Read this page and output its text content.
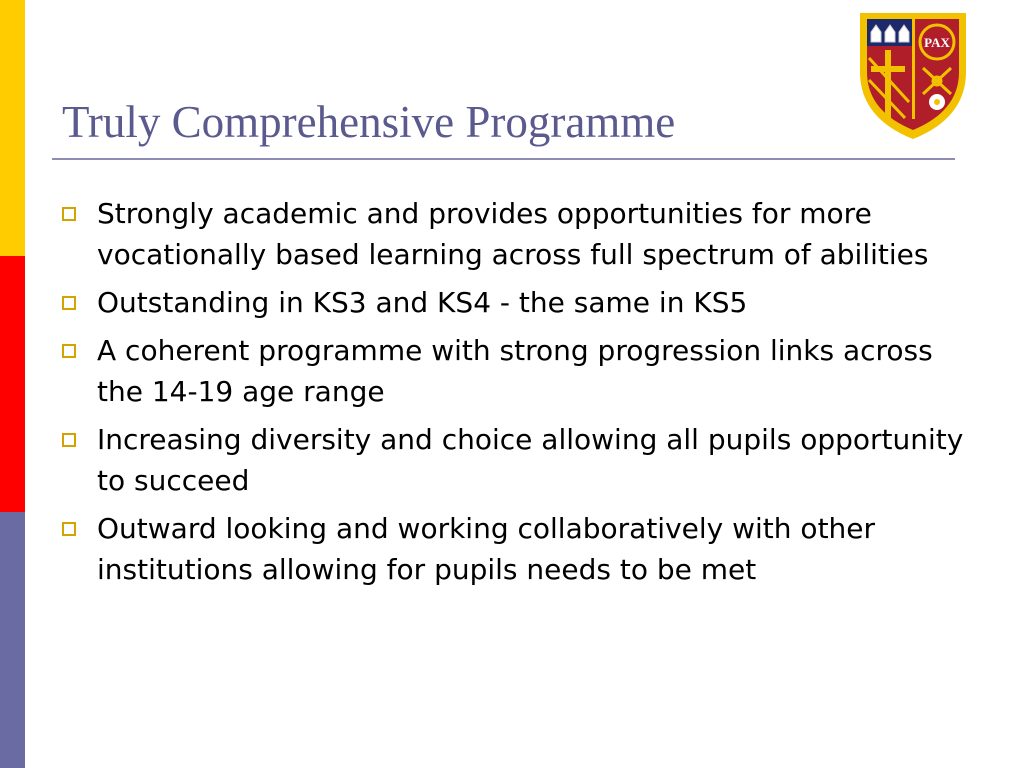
Truly Comprehensive Programme
PAX
Strongly academic and provides opportunities for more vocationally based learning across full spectrum of abilities
Outstanding in KS3 and KS4 - the same in KS5
A coherent programme with strong progression links across the 14-19 age range
Increasing diversity and choice allowing all pupils opportunity to succeed
Outward looking and working collaboratively with other institutions allowing for pupils needs to be met
